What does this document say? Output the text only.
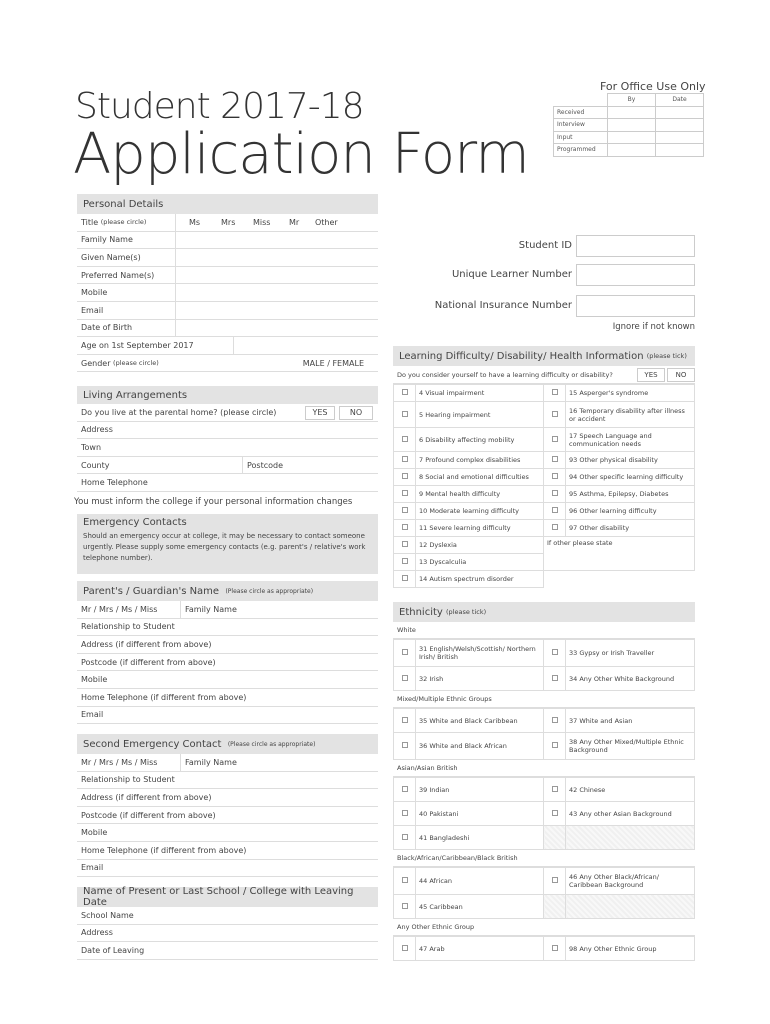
Student 2017-18
Application Form
For Office Use Only
	By	Date
Received		
Interview		
Input		
Programmed		
Personal Details
Title
(please circle)	Ms	Mrs Miss Mr Other
Family Name
Given Name(s)
Preferred Name(s)
Mobile
Email
Date of Birth
Age on 1st September 2017
Gender
(please circle)	MALE / FEMALE
Student ID
Unique Learner Number
National Insurance Number
Ignore if not known
Living Arrangements
Do you live at the parental home? (please circle)	YES	NO
Address
Town
County	Postcode
Home Telephone
You must inform the college if your personal information changes
Emergency Contacts
Should an emergency occur at college, it may be necessary to contact someone urgently. Please supply some emergency contacts (e.g. parent's / relative's work telephone number).
Parent's / Guardian's Name
(Please circle as appropriate)
Mr / Mrs / Ms / Miss	Family Name
Relationship to Student
Address (if different from above)
Postcode (if different from above)
Mobile
Home Telephone (if different from above)
Email
Second Emergency Contact
(Please circle as appropriate)
Mr / Mrs / Ms / Miss	Family Name
Relationship to Student
Address (if different from above)
Postcode (if different from above)
Mobile
Home Telephone (if different from above)
Email
Name of Present or Last School / College with Leaving Date
School Name
Address
Date of Leaving
Learning Difficulty/ Disability/ Health Information
(please tick)
Do you consider yourself to have a learning difficulty or disability?	YES	NO
	4 Visual impairment		15 Asperger's syndrome
	5 Hearing impairment		16 Temporary disability after illness or accident
	6 Disability affecting mobility		17 Speech Language and communication needs
	7 Profound complex disabilities		93 Other physical disability
	8 Social and emotional difficulties		94 Other specific learning difficulty
	9 Mental health difficulty		95 Asthma, Epilepsy, Diabetes
	10 Moderate learning difficulty		96 Other learning difficulty
	11 Severe learning difficulty		97 Other disability
	12 Dyslexia	If other please state	
	13 Dyscalculia		
	14 Autism spectrum disorder		
Ethnicity
(please tick)
White
	31 English/Welsh/Scottish/ Northern Irish/ British		33 Gypsy or Irish Traveller
	32 Irish		34 Any Other White Background
Mixed/Multiple Ethnic Groups
	35 White and Black Caribbean		37 White and Asian
	36 White and Black African		38 Any Other Mixed/Multiple Ethnic Background
Asian/Asian British
	39 Indian		42 Chinese
	40 Pakistani		43 Any other Asian Background
	41 Bangladeshi		
Black/African/Caribbean/Black British
	44 African		46 Any Other Black/African/ Caribbean Background
	45 Caribbean		
Any Other Ethnic Group
	47 Arab		98 Any Other Ethnic Group
